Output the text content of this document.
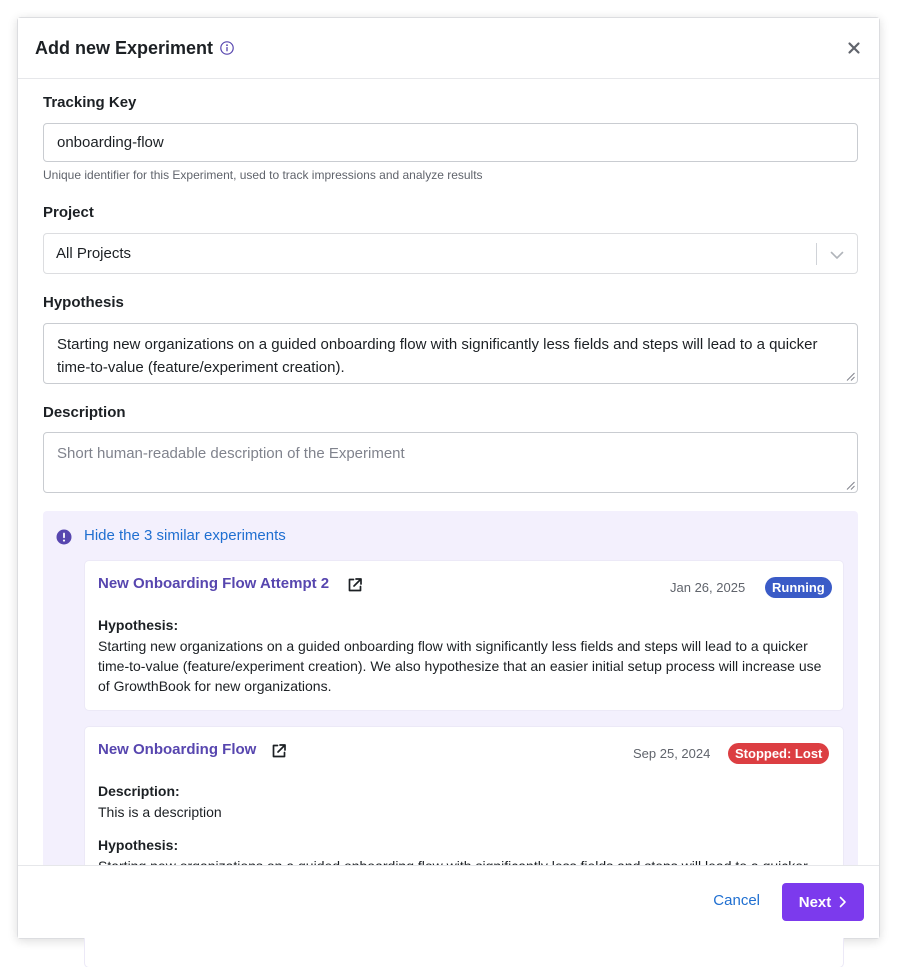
Add new Experiment
Tracking Key
onboarding-flow
Unique identifier for this Experiment, used to track impressions and analyze results
Project
All Projects
Hypothesis
Starting new organizations on a guided onboarding flow with significantly less fields and steps will lead to a quicker time-to-value (feature/experiment creation).
Description
Short human-readable description of the Experiment
Hide the 3 similar experiments
New Onboarding Flow Attempt 2	Jan 26, 2025	Running
Hypothesis:
Starting new organizations on a guided onboarding flow with significantly less fields and steps will lead to a quicker time-to-value (feature/experiment creation). We also hypothesize that an easier initial setup process will increase use of GrowthBook for new organizations.
New Onboarding Flow	Sep 25, 2024	Stopped: Lost
Description:
This is a description
Hypothesis:
Cancel	Next
